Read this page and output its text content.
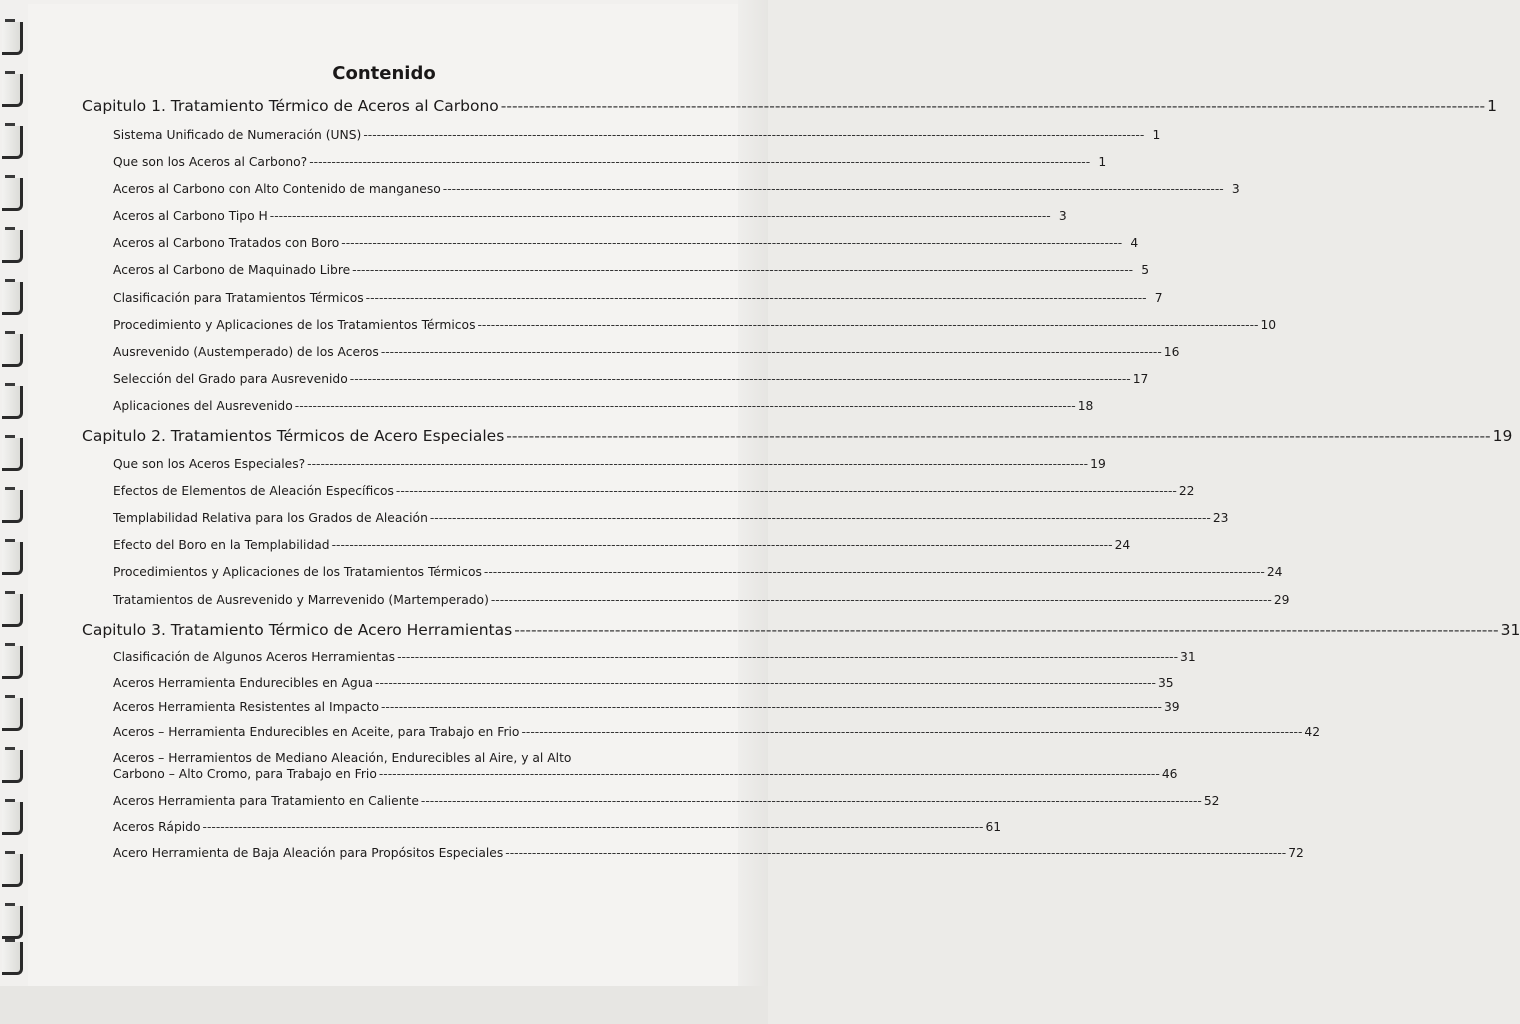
Contenido
Capitulo 1. Tratamiento Térmico de Aceros al Carbono -------------------------------------------------------------------------------------------------------------------------------------------------------------------------------- 1
Sistema Unificado de Numeración (UNS) -------------------------------------------------------------------------------------------------------------------------------------------------------------------------------- 1
Que son los Aceros al Carbono? -------------------------------------------------------------------------------------------------------------------------------------------------------------------------------- 1
Aceros al Carbono con Alto Contenido de manganeso -------------------------------------------------------------------------------------------------------------------------------------------------------------------------------- 3
Aceros al Carbono Tipo H -------------------------------------------------------------------------------------------------------------------------------------------------------------------------------- 3
Aceros al Carbono Tratados con Boro -------------------------------------------------------------------------------------------------------------------------------------------------------------------------------- 4
Aceros al Carbono de Maquinado Libre -------------------------------------------------------------------------------------------------------------------------------------------------------------------------------- 5
Clasificación para Tratamientos Térmicos -------------------------------------------------------------------------------------------------------------------------------------------------------------------------------- 7
Procedimiento y Aplicaciones de los Tratamientos Térmicos -------------------------------------------------------------------------------------------------------------------------------------------------------------------------------- 10
Ausrevenido (Austemperado) de los Aceros -------------------------------------------------------------------------------------------------------------------------------------------------------------------------------- 16
Selección del Grado para Ausrevenido -------------------------------------------------------------------------------------------------------------------------------------------------------------------------------- 17
Aplicaciones del Ausrevenido -------------------------------------------------------------------------------------------------------------------------------------------------------------------------------- 18
Capitulo 2. Tratamientos Térmicos de Acero Especiales -------------------------------------------------------------------------------------------------------------------------------------------------------------------------------- 19
Que son los Aceros Especiales? -------------------------------------------------------------------------------------------------------------------------------------------------------------------------------- 19
Efectos de Elementos de Aleación Específicos -------------------------------------------------------------------------------------------------------------------------------------------------------------------------------- 22
Templabilidad Relativa para los Grados de Aleación -------------------------------------------------------------------------------------------------------------------------------------------------------------------------------- 23
Efecto del Boro en la Templabilidad -------------------------------------------------------------------------------------------------------------------------------------------------------------------------------- 24
Procedimientos y Aplicaciones de los Tratamientos Térmicos -------------------------------------------------------------------------------------------------------------------------------------------------------------------------------- 24
Tratamientos de Ausrevenido y Marrevenido (Martemperado) -------------------------------------------------------------------------------------------------------------------------------------------------------------------------------- 29
Capitulo 3. Tratamiento Térmico de Acero Herramientas -------------------------------------------------------------------------------------------------------------------------------------------------------------------------------- 31
Clasificación de Algunos Aceros Herramientas -------------------------------------------------------------------------------------------------------------------------------------------------------------------------------- 31
Aceros Herramienta Endurecibles en Agua -------------------------------------------------------------------------------------------------------------------------------------------------------------------------------- 35
Aceros Herramienta Resistentes al Impacto -------------------------------------------------------------------------------------------------------------------------------------------------------------------------------- 39
Aceros – Herramienta Endurecibles en Aceite, para Trabajo en Frio -------------------------------------------------------------------------------------------------------------------------------------------------------------------------------- 42
Aceros – Herramientos de Mediano Aleación, Endurecibles al Aire, y al Alto
Carbono – Alto Cromo, para Trabajo en Frio -------------------------------------------------------------------------------------------------------------------------------------------------------------------------------- 46
Aceros Herramienta para Tratamiento en Caliente -------------------------------------------------------------------------------------------------------------------------------------------------------------------------------- 52
Aceros Rápido -------------------------------------------------------------------------------------------------------------------------------------------------------------------------------- 61
Acero Herramienta de Baja Aleación para Propósitos Especiales -------------------------------------------------------------------------------------------------------------------------------------------------------------------------------- 72
